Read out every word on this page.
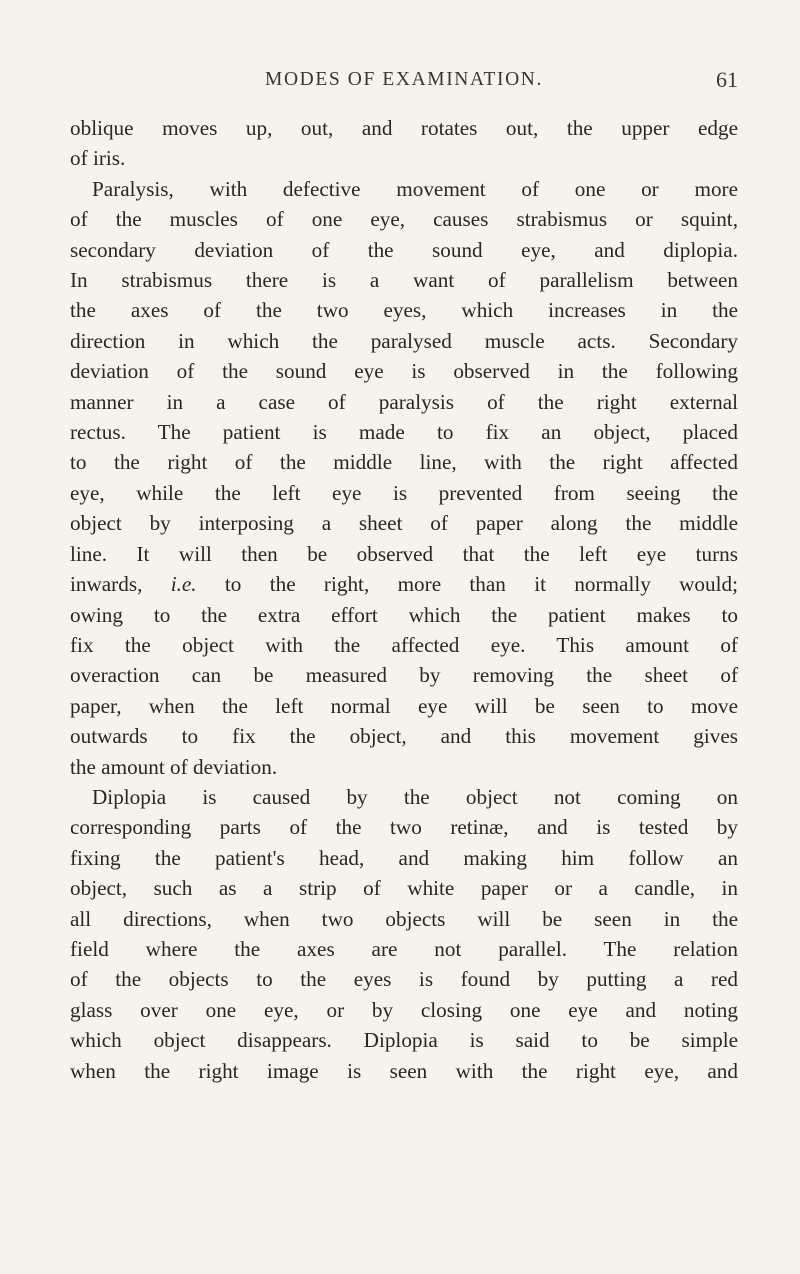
MODES OF EXAMINATION.	61
oblique moves up, out, and rotates out, the upper edge
of iris.
Paralysis, with defective movement of one or more
of the muscles of one eye, causes strabismus or squint,
secondary deviation of the sound eye, and diplopia.
In strabismus there is a want of parallelism between
the axes of the two eyes, which increases in the
direction in which the paralysed muscle acts. Secondary
deviation of the sound eye is observed in the following
manner in a case of paralysis of the right external
rectus. The patient is made to fix an object, placed
to the right of the middle line, with the right affected
eye, while the left eye is prevented from seeing the
object by interposing a sheet of paper along the middle
line. It will then be observed that the left eye turns
inwards, i.e. to the right, more than it normally would;
owing to the extra effort which the patient makes to
fix the object with the affected eye. This amount of
overaction can be measured by removing the sheet of
paper, when the left normal eye will be seen to move
outwards to fix the object, and this movement gives
the amount of deviation.
Diplopia is caused by the object not coming on
corresponding parts of the two retinæ, and is tested by
fixing the patient's head, and making him follow an
object, such as a strip of white paper or a candle, in
all directions, when two objects will be seen in the
field where the axes are not parallel. The relation
of the objects to the eyes is found by putting a red
glass over one eye, or by closing one eye and noting
which object disappears. Diplopia is said to be simple
when the right image is seen with the right eye, and
